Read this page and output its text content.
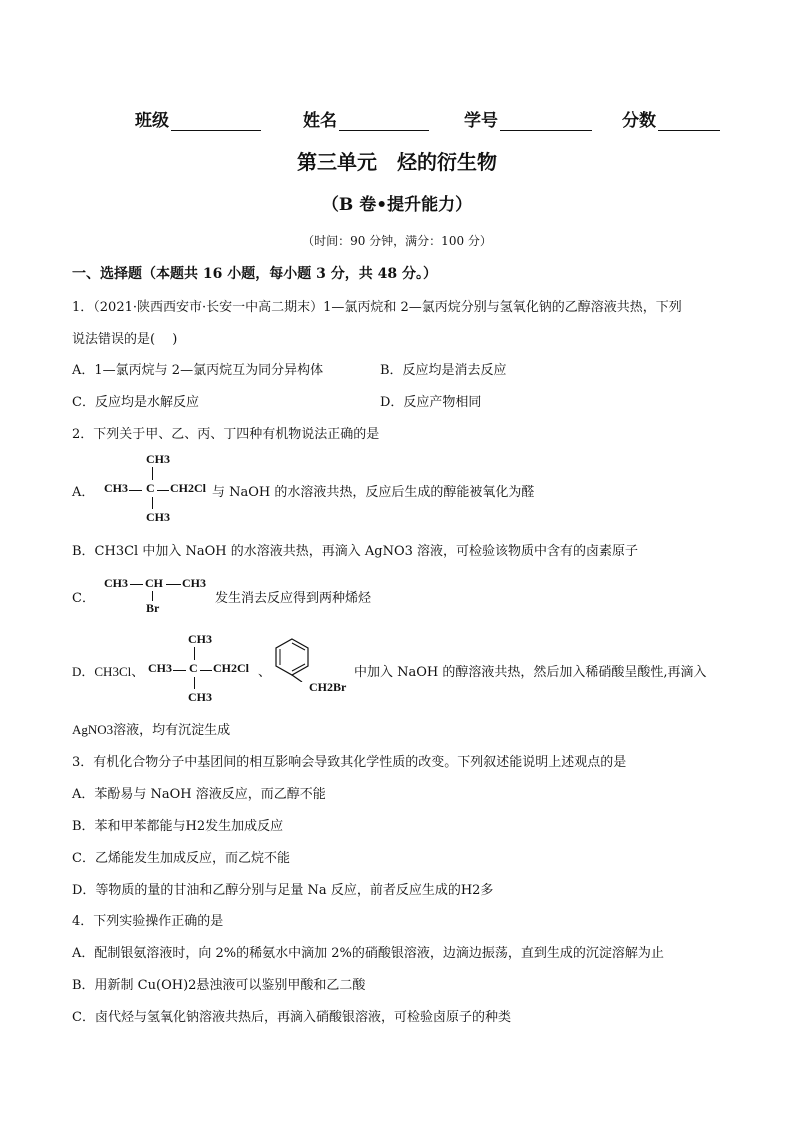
班级	姓名	学号	分数
第三单元　烃的衍生物
（B 卷•提升能力）
（时间：90 分钟，满分：100 分）
一、选择题（本题共 16 小题，每小题 3 分，共 48 分。）
1．（2021·陕西西安市·长安一中高二期末）1—氯丙烷和 2—氯丙烷分别与氢氧化钠的乙醇溶液共热，下列
说法错误的是(　 )
A．1—氯丙烷与 2—氯丙烷互为同分异构体	B．反应均是消去反应
C．反应均是水解反应	D．反应产物相同
2．下列关于甲、乙、丙、丁四种有机物说法正确的是
A．
CH3
CH3 C CH2Cl
CH3
与 NaOH 的水溶液共热，反应后生成的醇能被氧化为醛
B．CH3Cl 中加入 NaOH 的水溶液共热，再滴入 AgNO3 溶液，可检验该物质中含有的卤素原子
C．
CH3 CH CH3
Br
发生消去反应得到两种烯烃
D．CH3Cl、
CH3
CH3 C CH2Cl
CH3
、
CH2Br
中加入 NaOH 的醇溶液共热，然后加入稀硝酸呈酸性,再滴入
AgNO3溶液，均有沉淀生成
3．有机化合物分子中基团间的相互影响会导致其化学性质的改变。下列叙述能说明上述观点的是
A．苯酚易与 NaOH 溶液反应，而乙醇不能
B．苯和甲苯都能与H2发生加成反应
C．乙烯能发生加成反应，而乙烷不能
D．等物质的量的甘油和乙醇分别与足量 Na 反应，前者反应生成的H2多
4．下列实验操作正确的是
A．配制银氨溶液时，向 2%的稀氨水中滴加 2%的硝酸银溶液，边滴边振荡，直到生成的沉淀溶解为止
B．用新制 Cu(OH)2悬浊液可以鉴别甲酸和乙二酸
C．卤代烃与氢氧化钠溶液共热后，再滴入硝酸银溶液，可检验卤原子的种类
